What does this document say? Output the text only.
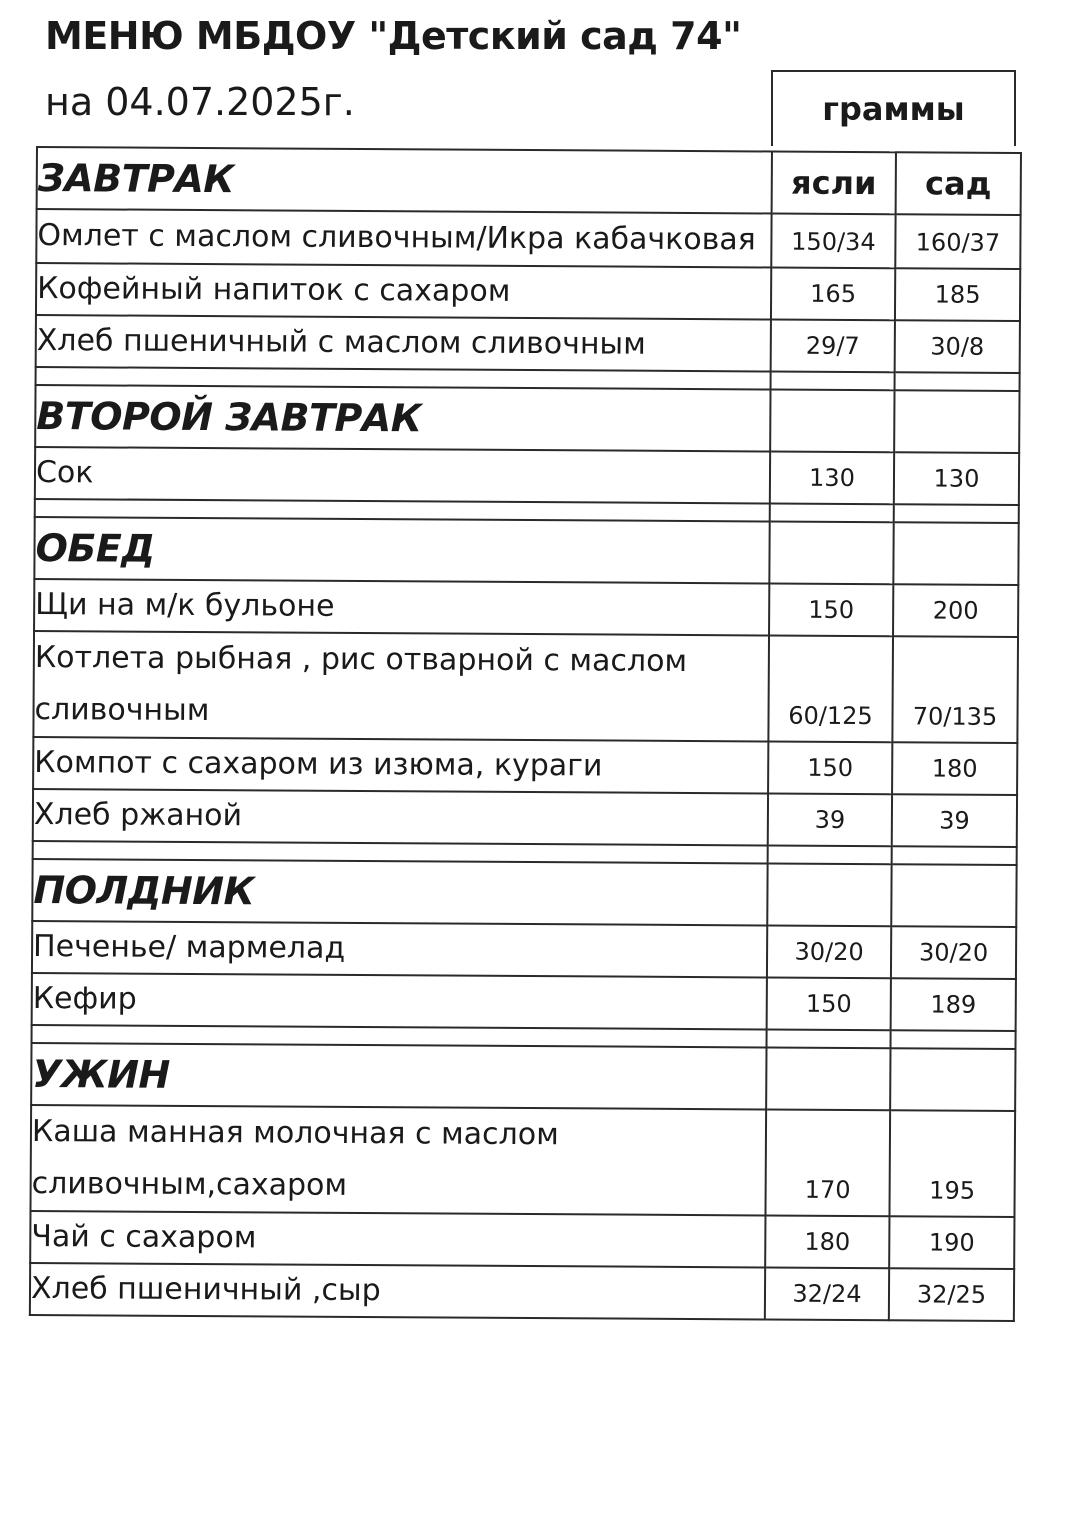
МЕНЮ МБДОУ "Детский сад 74"
на 04.07.2025г.	граммы
ЗАВТРАК	ясли	сад
Омлет с маслом сливочным/Икра кабачковая	150/34	160/37
Кофейный напиток с сахаром	165	185
Хлеб пшеничный с маслом сливочным	29/7	30/8

ВТОРОЙ ЗАВТРАК		
Сок	130	130

ОБЕД		
Щи на м/к бульоне	150	200
Котлета рыбная , рис отварной с маслом сливочным	60/125	70/135
Компот с сахаром из изюма, кураги	150	180
Хлеб ржаной	39	39

ПОЛДНИК		
Печенье/ мармелад	30/20	30/20
Кефир	150	189

УЖИН		
Каша манная молочная с маслом сливочным,сахаром	170	195
Чай с сахаром	180	190
Хлеб пшеничный ,сыр	32/24	32/25
